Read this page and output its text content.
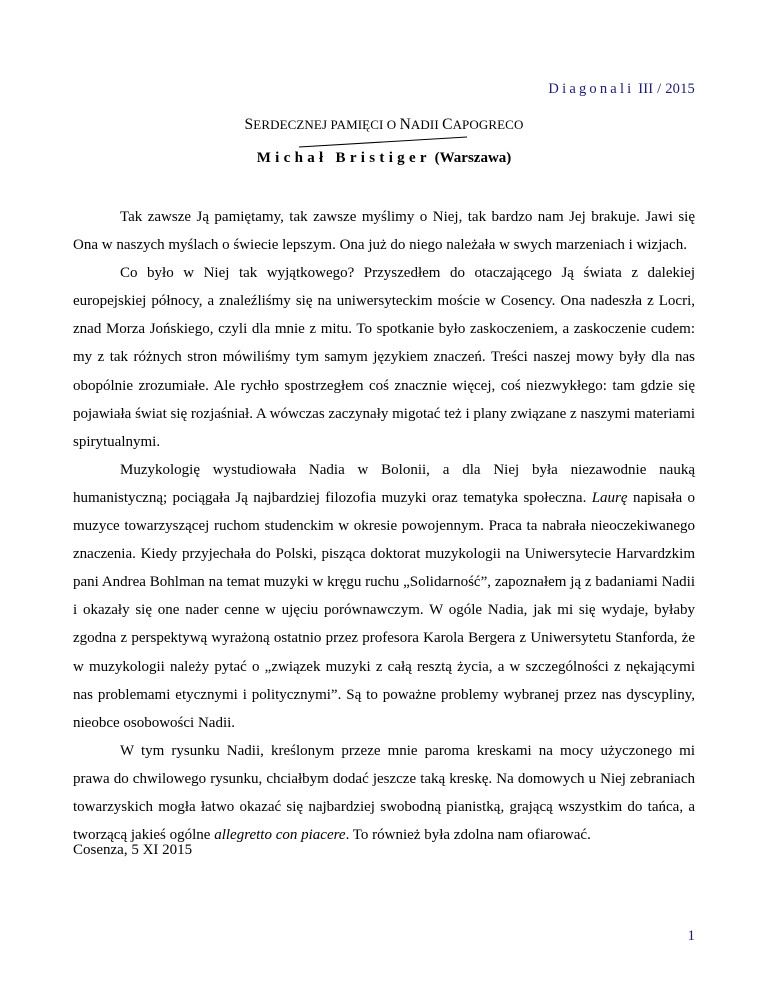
Diagonali III / 2015
SERDECZNEJ PAMIĘCI O NADII CAPOGRECO
Michał Bristiger (Warszawa)

Tak zawsze Ją pamiętamy, tak zawsze myślimy o Niej, tak bardzo nam Jej brakuje. Jawi się Ona w naszych myślach o świecie lepszym. Ona już do niego należała w swych marzeniach i wizjach.

Co było w Niej tak wyjątkowego? Przyszedłem do otaczającego Ją świata z dalekiej europejskiej północy, a znaleźliśmy się na uniwersyteckim moście w Cosency. Ona nadeszła z Locri, znad Morza Jońskiego, czyli dla mnie z mitu. To spotkanie było zaskoczeniem, a zaskoczenie cudem: my z tak różnych stron mówiliśmy tym samym językiem znaczeń. Treści naszej mowy były dla nas obopólnie zrozumiałe. Ale rychło spostrzegłem coś znacznie więcej, coś niezwykłego: tam gdzie się pojawiała świat się rozjaśniał. A wówczas zaczynały migotać też i plany związane z naszymi materiami spirytualnymi.

Muzykologię wystudiowała Nadia w Bolonii, a dla Niej była niezawodnie nauką humanistyczną; pociągała Ją najbardziej filozofia muzyki oraz tematyka społeczna. Laurę napisała o muzyce towarzyszącej ruchom studenckim w okresie powojennym. Praca ta nabrała nieoczekiwanego znaczenia. Kiedy przyjechała do Polski, pisząca doktorat muzykologii na Uniwersytecie Harvardzkim pani Andrea Bohlman na temat muzyki w kręgu ruchu „Solidarność”, zapoznałem ją z badaniami Nadii i okazały się one nader cenne w ujęciu porównawczym. W ogóle Nadia, jak mi się wydaje, byłaby zgodna z perspektywą wyrażoną ostatnio przez profesora Karola Bergera z Uniwersytetu Stanforda, że w muzykologii należy pytać o „związek muzyki z całą resztą życia, a w szczególności z nękającymi nas problemami etycznymi i politycznymi”. Są to poważne problemy wybranej przez nas dyscypliny, nieobce osobowości Nadii.

W tym rysunku Nadii, kreślonym przeze mnie paroma kreskami na mocy użyczonego mi prawa do chwilowego rysunku, chciałbym dodać jeszcze taką kreskę. Na domowych u Niej zebraniach towarzyskich mogła łatwo okazać się najbardziej swobodną pianistką, grającą wszystkim do tańca, a tworzącą jakieś ogólne allegretto con piacere. To również była zdolna nam ofiarować.

Cosenza, 5 XI 2015
1
